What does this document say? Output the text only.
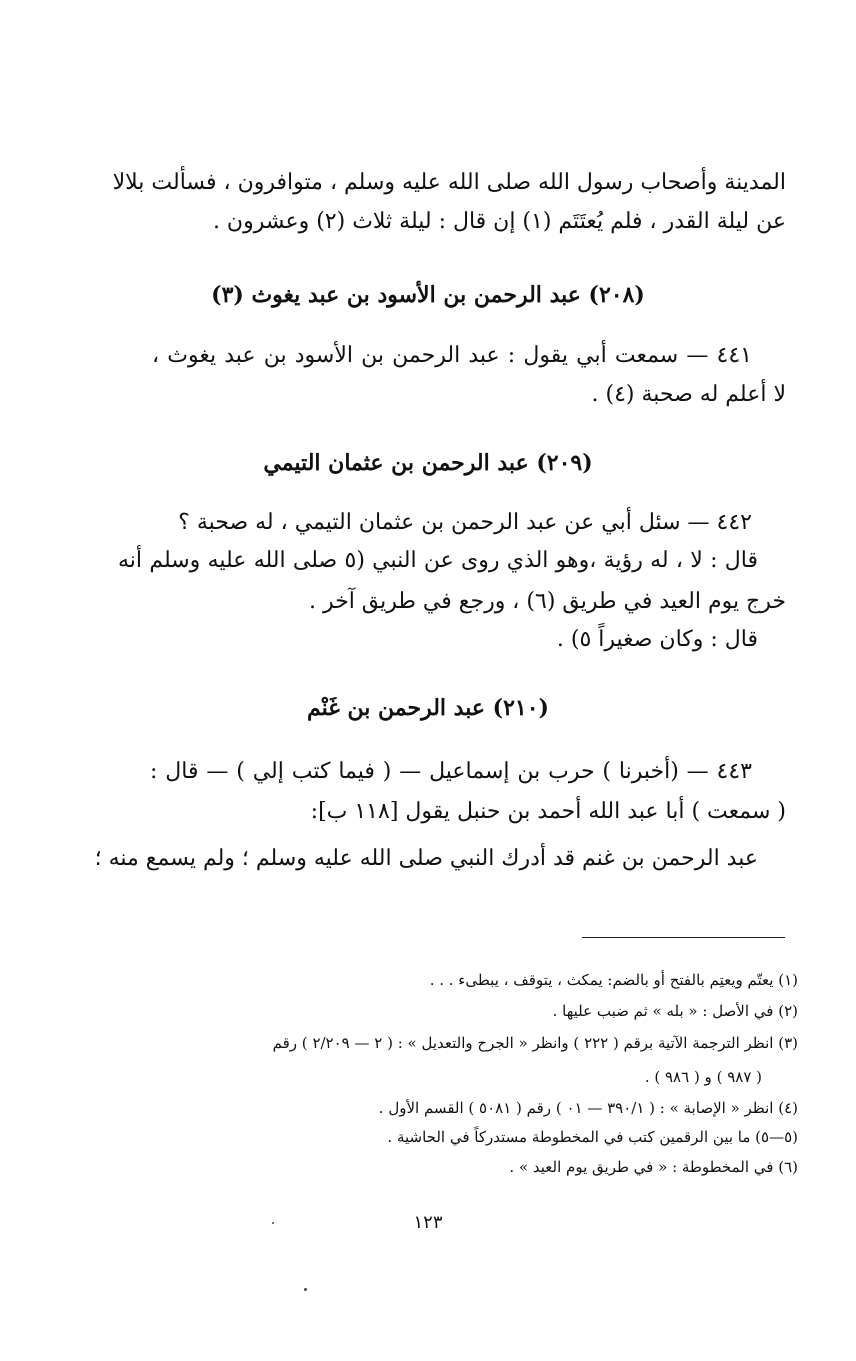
المدينة وأصحاب رسول الله صلى الله عليه وسلم ، متوافرون ، فسألت بلالا
عن ليلة القدر ، فلم يُعتَتَم (١) إن قال : ليلة ثلاث (٢) وعشرون .
(٢٠٨) عبد الرحمن بن الأسود بن عبد يغوث (٣)
٤٤١ — سمعت أبي يقول : عبد الرحمن بن الأسود بن عبد يغوث ،
لا أعلم له صحبة (٤) .
(٢٠٩) عبد الرحمن بن عثمان التيمي
٤٤٢ — سئل أبي عن عبد الرحمن بن عثمان التيمي ، له صحبة ؟
قال : لا ، له رؤية ،وهو الذي روى عن النبي (٥ صلى الله عليه وسلم أنه
خرج يوم العيد في طريق (٦) ، ورجع في طريق آخر .
قال : وكان صغيراً ٥) .
(٢١٠) عبد الرحمن بن غَنْم
٤٤٣ — (أخبرنا ) حرب بن إسماعيل — ( فيما كتب إلي ) — قال :
( سمعت ) أبا عبد الله أحمد بن حنبل يقول [١١٨ ب]:
عبد الرحمن بن غنم قد أدرك النبي صلى الله عليه وسلم ؛ ولم يسمع منه ؛
(١) يعتّم ويعتِم بالفتح أو بالضم: يمكث ، يتوقف ، يبطىء . . .
(٢) في الأصل : « بله » ثم ضبب عليها .
(٣) انظر الترجمة الآتية برقم ( ٢٢٢ ) وانظر « الجرح والتعديل » : ( ٢ — ٢/٢٠٩ ) رقم
( ٩٨٧ ) و ( ٩٨٦ ) .
(٤) انظر « الإصابة » : ( ٣٩٠/١ — ٠١ ) رقم ( ٥٠٨١ ) القسم الأول .
(٥—٥) ما بين الرقمين كتب في المخطوطة مستدركاً في الحاشية .
(٦) في المخطوطة : « في طريق يوم العيد » .
١٢٣
